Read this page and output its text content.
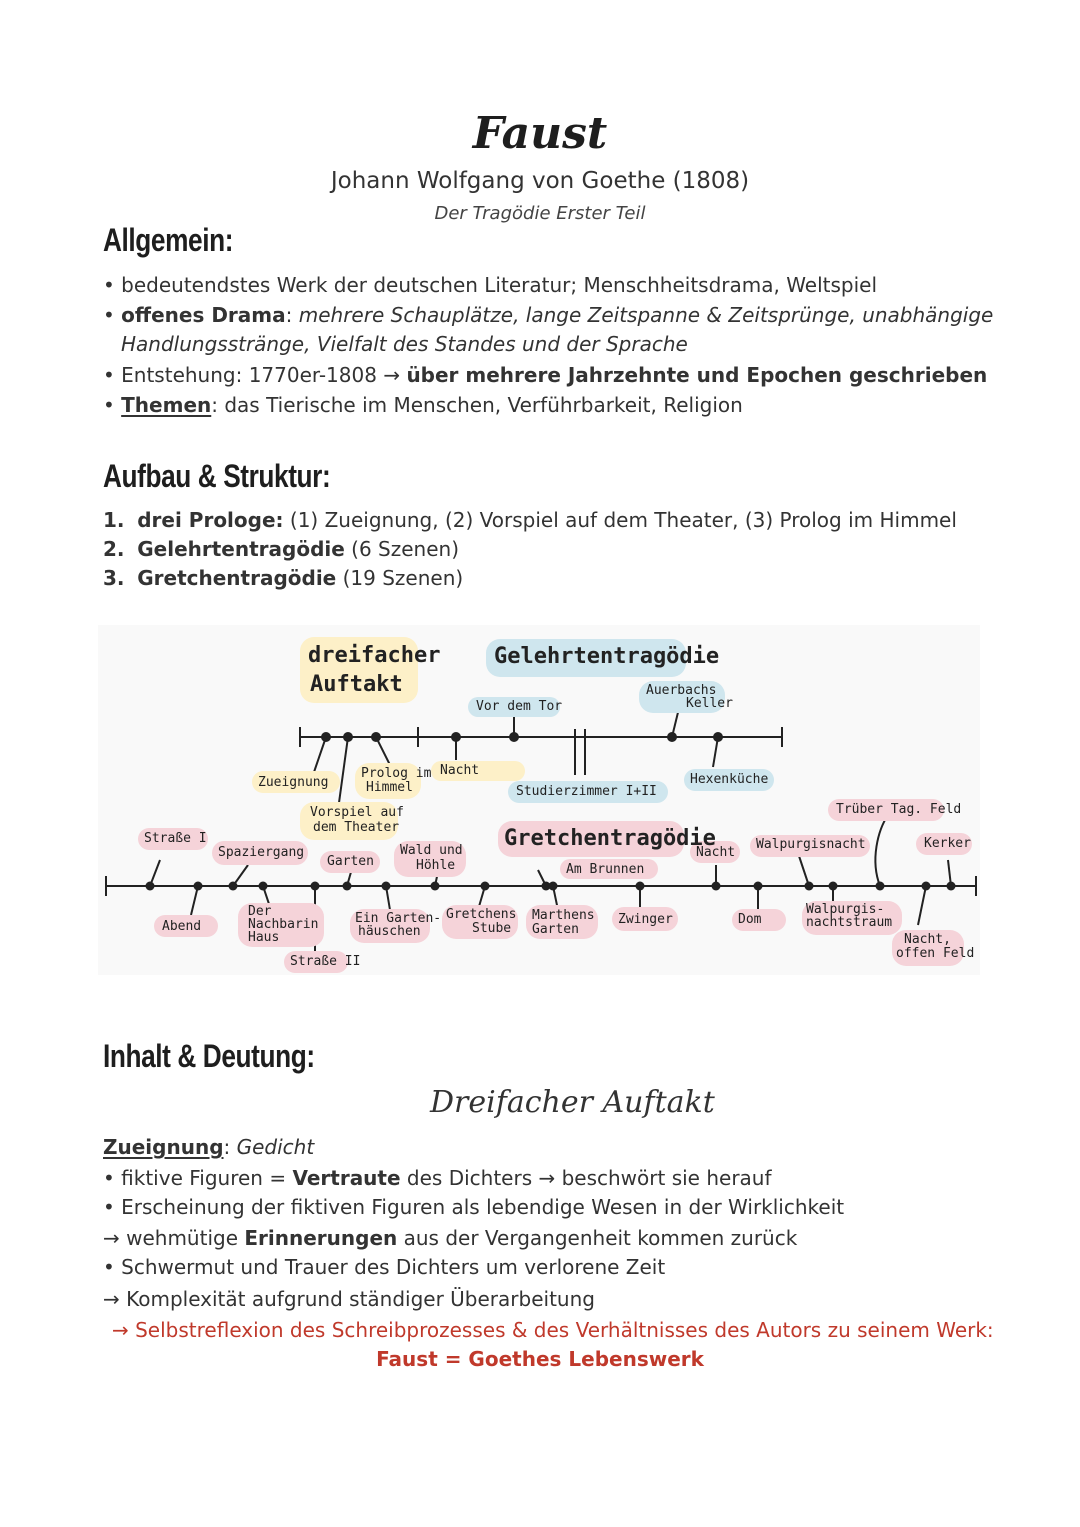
Faust
Johann Wolfgang von Goethe (1808)
Der Tragödie Erster Teil
Allgemein:
• bedeutendstes Werk der deutschen Literatur; Menschheitsdrama, Weltspiel
• offenes Drama: mehrere Schauplätze, lange Zeitspanne & Zeitsprünge, unabhängige
Handlungsstränge, Vielfalt des Standes und der Sprache
• Entstehung: 1770er-1808 → über mehrere Jahrzehnte und Epochen geschrieben
• Themen: das Tierische im Menschen, Verführbarkeit, Religion
Aufbau & Struktur:
1. drei Prologe: (1) Zueignung, (2) Vorspiel auf dem Theater, (3) Prolog im Himmel
2. Gelehrtentragödie (6 Szenen)
3. Gretchentragödie (19 Szenen)
dreifacher
Auftakt
Gelehrtentragödie
Gretchentragödie
Vor dem Tor
Auerbachs
Keller
Nacht
Zueignung
Prolog im
Himmel
Vorspiel auf
dem Theater
Studierzimmer I+II
Hexenküche
Straße I
Spaziergang
Garten
Wald und
Höhle	Am Brunnen
Nacht
Walpurgisnacht
Trüber Tag. Feld
Kerker
Abend
Der
Nachbarin
Haus
Straße II
Ein Garten-
häuschen
Gretchens
Stube
Marthens
Garten
Zwinger	Dom
Walpurgis-
nachtstraum
Nacht,
offen Feld
Inhalt & Deutung:
Dreifacher Auftakt
Zueignung: Gedicht
• fiktive Figuren = Vertraute des Dichters → beschwört sie herauf
• Erscheinung der fiktiven Figuren als lebendige Wesen in der Wirklichkeit
→ wehmütige Erinnerungen aus der Vergangenheit kommen zurück
• Schwermut und Trauer des Dichters um verlorene Zeit
→ Komplexität aufgrund ständiger Überarbeitung
→ Selbstreflexion des Schreibprozesses & des Verhältnisses des Autors zu seinem Werk:
Faust = Goethes Lebenswerk
